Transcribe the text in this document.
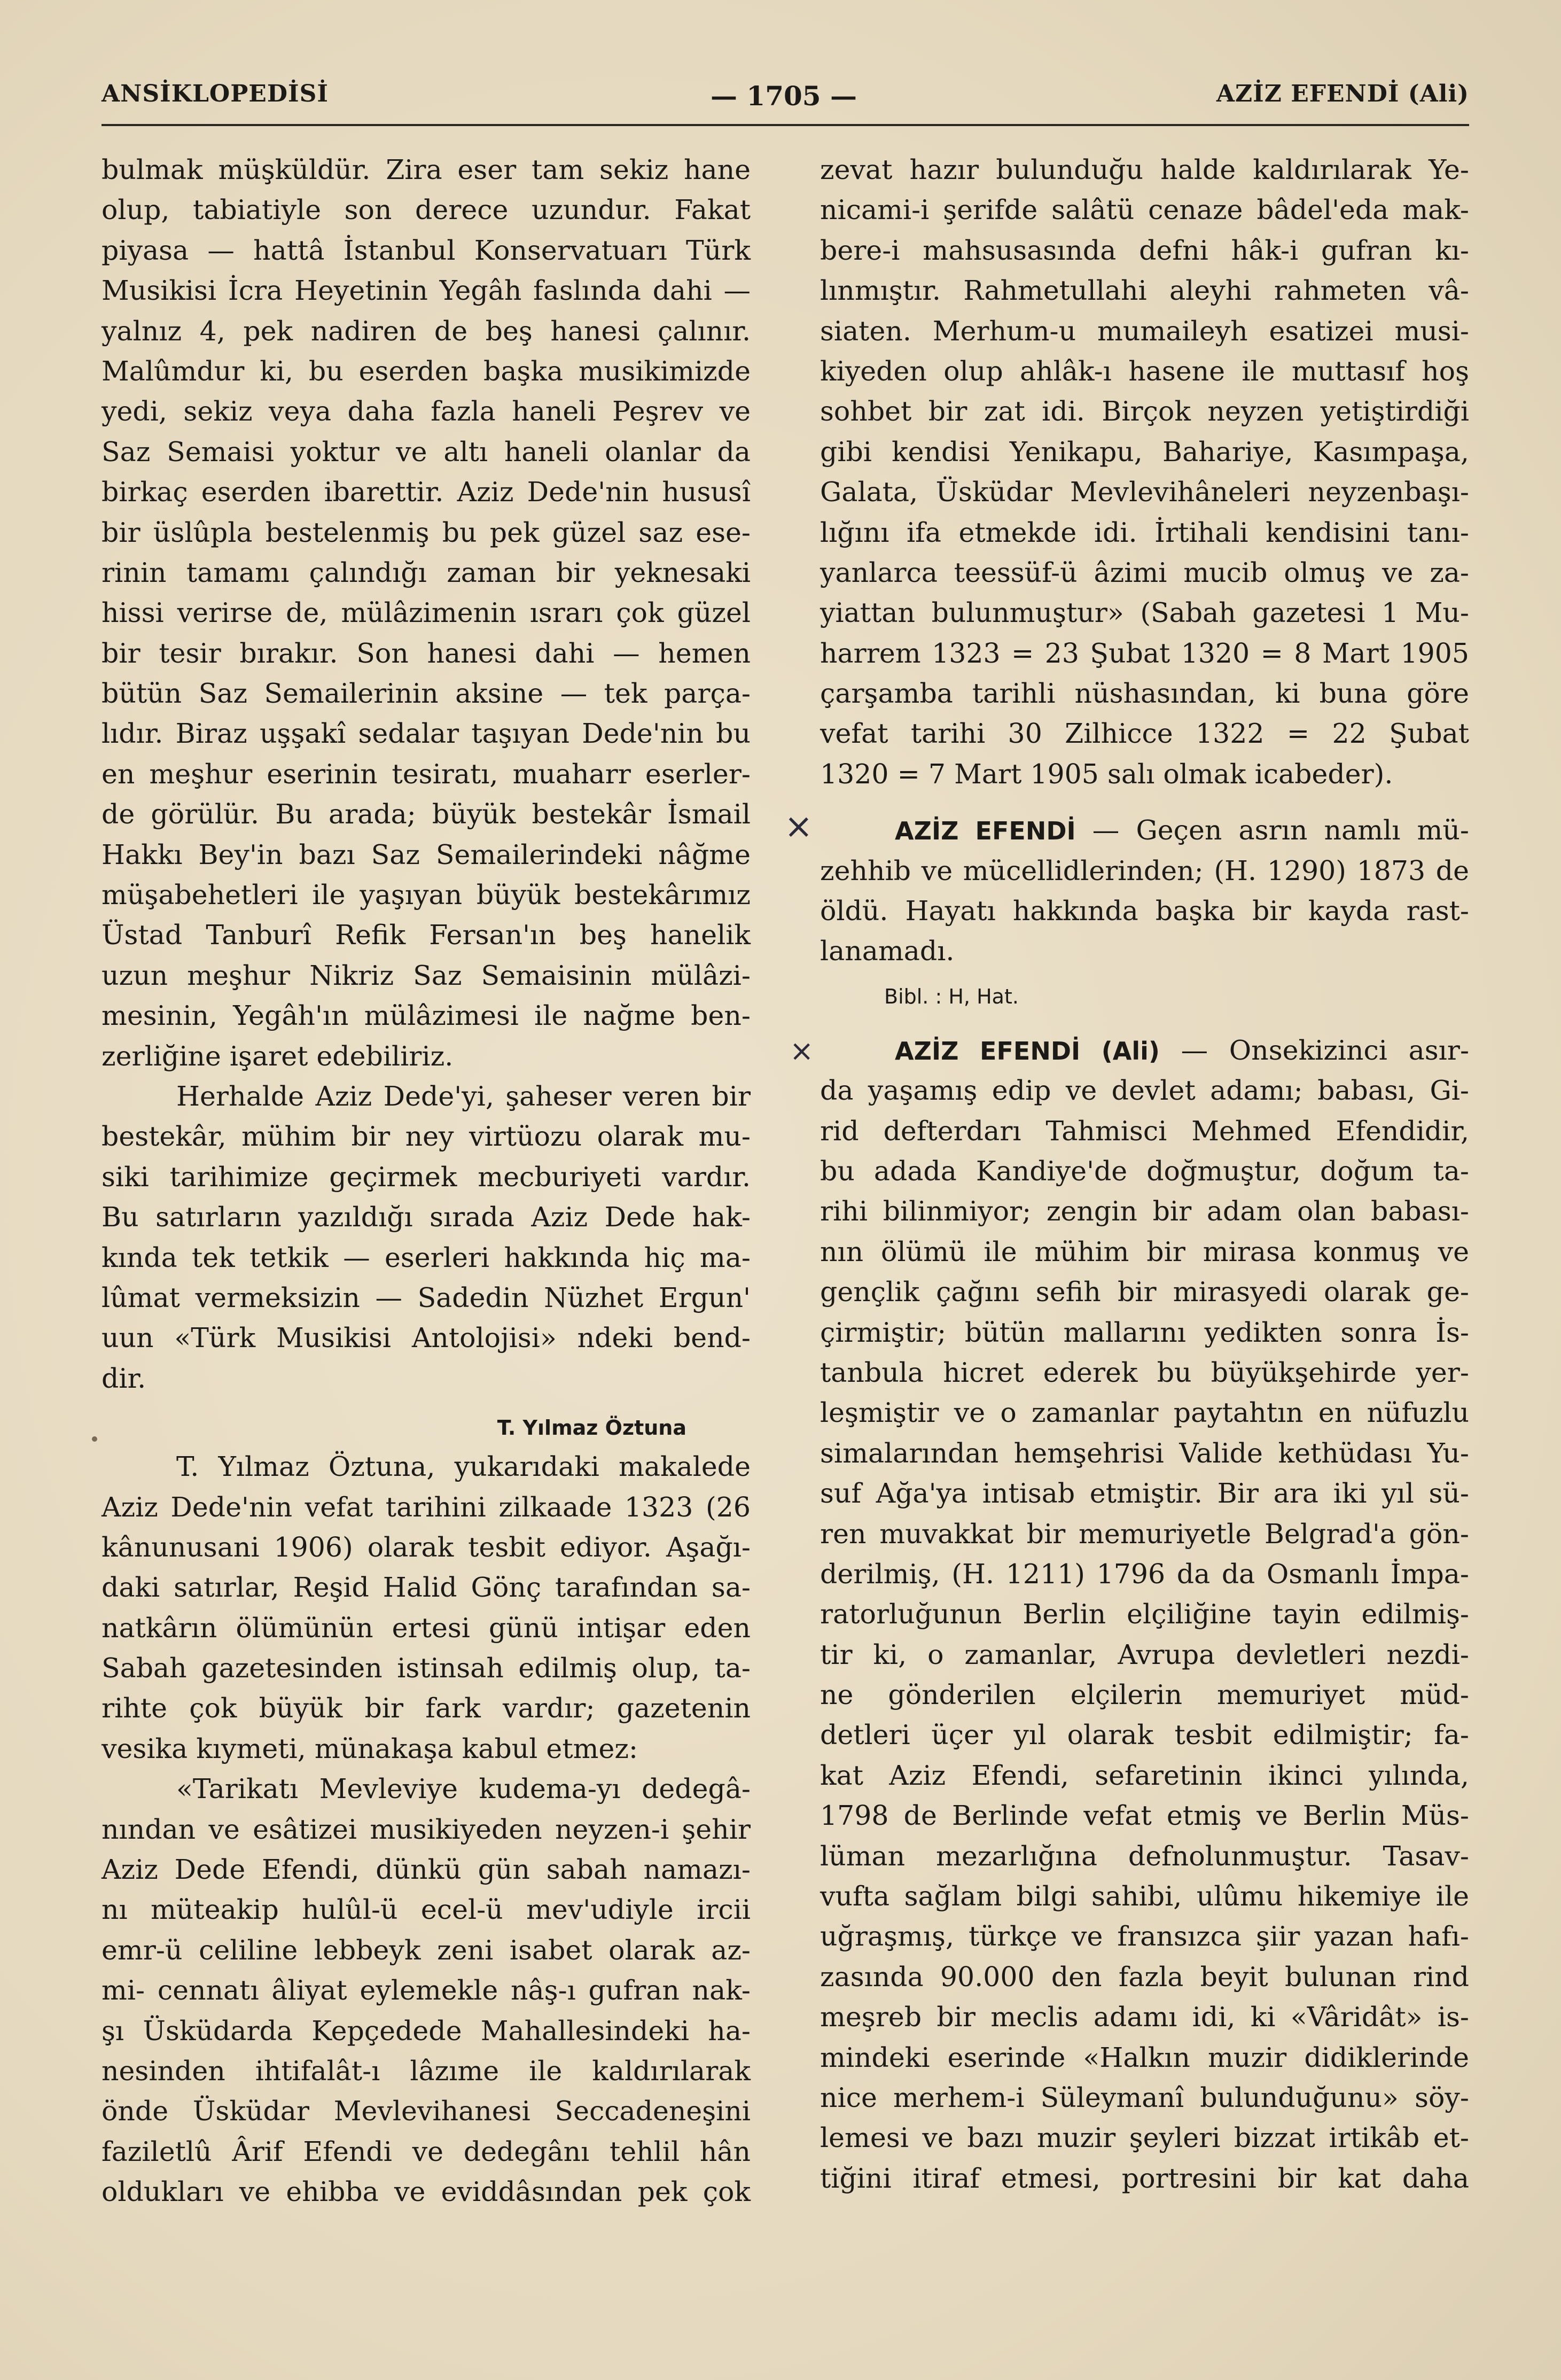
ANSİKLOPEDİSİ	— 1705 —	AZİZ EFENDİ (Ali)
bulmak müşküldür. Zira eser tam sekiz hane
olup, tabiatiyle son derece uzundur. Fakat
piyasa — hattâ İstanbul Konservatuarı Türk
Musikisi İcra Heyetinin Yegâh faslında dahi —
yalnız 4, pek nadiren de beş hanesi çalınır.
Malûmdur ki, bu eserden başka musikimizde
yedi, sekiz veya daha fazla haneli Peşrev ve
Saz Semaisi yoktur ve altı haneli olanlar da
birkaç eserden ibarettir. Aziz Dede'nin hususî
bir üslûpla bestelenmiş bu pek güzel saz ese-
rinin tamamı çalındığı zaman bir yeknesaki
hissi verirse de, mülâzimenin ısrarı çok güzel
bir tesir bırakır. Son hanesi dahi — hemen
bütün Saz Semailerinin aksine — tek parça-
lıdır. Biraz uşşakî sedalar taşıyan Dede'nin bu
en meşhur eserinin tesiratı, muaharr eserler-
de görülür. Bu arada; büyük bestekâr İsmail
Hakkı Bey'in bazı Saz Semailerindeki nâğme
müşabehetleri ile yaşıyan büyük bestekârımız
Üstad Tanburî Refik Fersan'ın beş hanelik
uzun meşhur Nikriz Saz Semaisinin mülâzi-
mesinin, Yegâh'ın mülâzimesi ile nağme ben-
zerliğine işaret edebiliriz.
Herhalde Aziz Dede'yi, şaheser veren bir
bestekâr, mühim bir ney virtüozu olarak mu-
siki tarihimize geçirmek mecburiyeti vardır.
Bu satırların yazıldığı sırada Aziz Dede hak-
kında tek tetkik — eserleri hakkında hiç ma-
lûmat vermeksizin — Sadedin Nüzhet Ergun'
uun «Türk Musikisi Antolojisi» ndeki bend-
dir.
T. Yılmaz Öztuna
T. Yılmaz Öztuna, yukarıdaki makalede
Aziz Dede'nin vefat tarihini zilkaade 1323 (26
kânunusani 1906) olarak tesbit ediyor. Aşağı-
daki satırlar, Reşid Halid Gönç tarafından sa-
natkârın ölümünün ertesi günü intişar eden
Sabah gazetesinden istinsah edilmiş olup, ta-
rihte çok büyük bir fark vardır; gazetenin
vesika kıymeti, münakaşa kabul etmez:
«Tarikatı Mevleviye kudema-yı dedegâ-
nından ve esâtizei musikiyeden neyzen-i şehir
Aziz Dede Efendi, dünkü gün sabah namazı-
nı müteakip hulûl-ü ecel-ü mev'udiyle ircii
emr-ü celiline lebbeyk zeni isabet olarak az-
mi- cennatı âliyat eylemekle nâş-ı gufran nak-
şı Üsküdarda Kepçedede Mahallesindeki ha-
nesinden ihtifalât-ı lâzıme ile kaldırılarak
önde Üsküdar Mevlevihanesi Seccadeneşini
faziletlû Ârif Efendi ve dedegânı tehlil hân
oldukları ve ehibba ve eviddâsından pek çok
zevat hazır bulunduğu halde kaldırılarak Ye-
nicami-i şerifde salâtü cenaze bâdel'eda mak-
bere-i mahsusasında defni hâk-i gufran kı-
lınmıştır. Rahmetullahi aleyhi rahmeten vâ-
siaten. Merhum-u mumaileyh esatizei musi-
kiyeden olup ahlâk-ı hasene ile muttasıf hoş
sohbet bir zat idi. Birçok neyzen yetiştirdiği
gibi kendisi Yenikapu, Bahariye, Kasımpaşa,
Galata, Üsküdar Mevlevihâneleri neyzenbaşı-
lığını ifa etmekde idi. İrtihali kendisini tanı-
yanlarca teessüf-ü âzimi mucib olmuş ve za-
yiattan bulunmuştur» (Sabah gazetesi 1 Mu-
harrem 1323 = 23 Şubat 1320 = 8 Mart 1905
çarşamba tarihli nüshasından, ki buna göre
vefat tarihi 30 Zilhicce 1322 = 22 Şubat
1320 = 7 Mart 1905 salı olmak icabeder).
AZİZ EFENDİ — Geçen asrın namlı mü-
zehhib ve mücellidlerinden; (H. 1290) 1873 de
öldü. Hayatı hakkında başka bir kayda rast-
lanamadı.
Bibl. : H, Hat.
AZİZ EFENDİ (Ali) — Onsekizinci asır-
da yaşamış edip ve devlet adamı; babası, Gi-
rid defterdarı Tahmisci Mehmed Efendidir,
bu adada Kandiye'de doğmuştur, doğum ta-
rihi bilinmiyor; zengin bir adam olan babası-
nın ölümü ile mühim bir mirasa konmuş ve
gençlik çağını sefih bir mirasyedi olarak ge-
çirmiştir; bütün mallarını yedikten sonra İs-
tanbula hicret ederek bu büyükşehirde yer-
leşmiştir ve o zamanlar paytahtın en nüfuzlu
simalarından hemşehrisi Valide kethüdası Yu-
suf Ağa'ya intisab etmiştir. Bir ara iki yıl sü-
ren muvakkat bir memuriyetle Belgrad'a gön-
derilmiş, (H. 1211) 1796 da da Osmanlı İmpa-
ratorluğunun Berlin elçiliğine tayin edilmiş-
tir ki, o zamanlar, Avrupa devletleri nezdi-
ne gönderilen elçilerin memuriyet müd-
detleri üçer yıl olarak tesbit edilmiştir; fa-
kat Aziz Efendi, sefaretinin ikinci yılında,
1798 de Berlinde vefat etmiş ve Berlin Müs-
lüman mezarlığına defnolunmuştur. Tasav-
vufta sağlam bilgi sahibi, ulûmu hikemiye ile
uğraşmış, türkçe ve fransızca şiir yazan hafı-
zasında 90.000 den fazla beyit bulunan rind
meşreb bir meclis adamı idi, ki «Vâridât» is-
mindeki eserinde «Halkın muzir didiklerinde
nice merhem-i Süleymanî bulunduğunu» söy-
lemesi ve bazı muzir şeyleri bizzat irtikâb et-
tiğini itiraf etmesi, portresini bir kat daha
×
×
